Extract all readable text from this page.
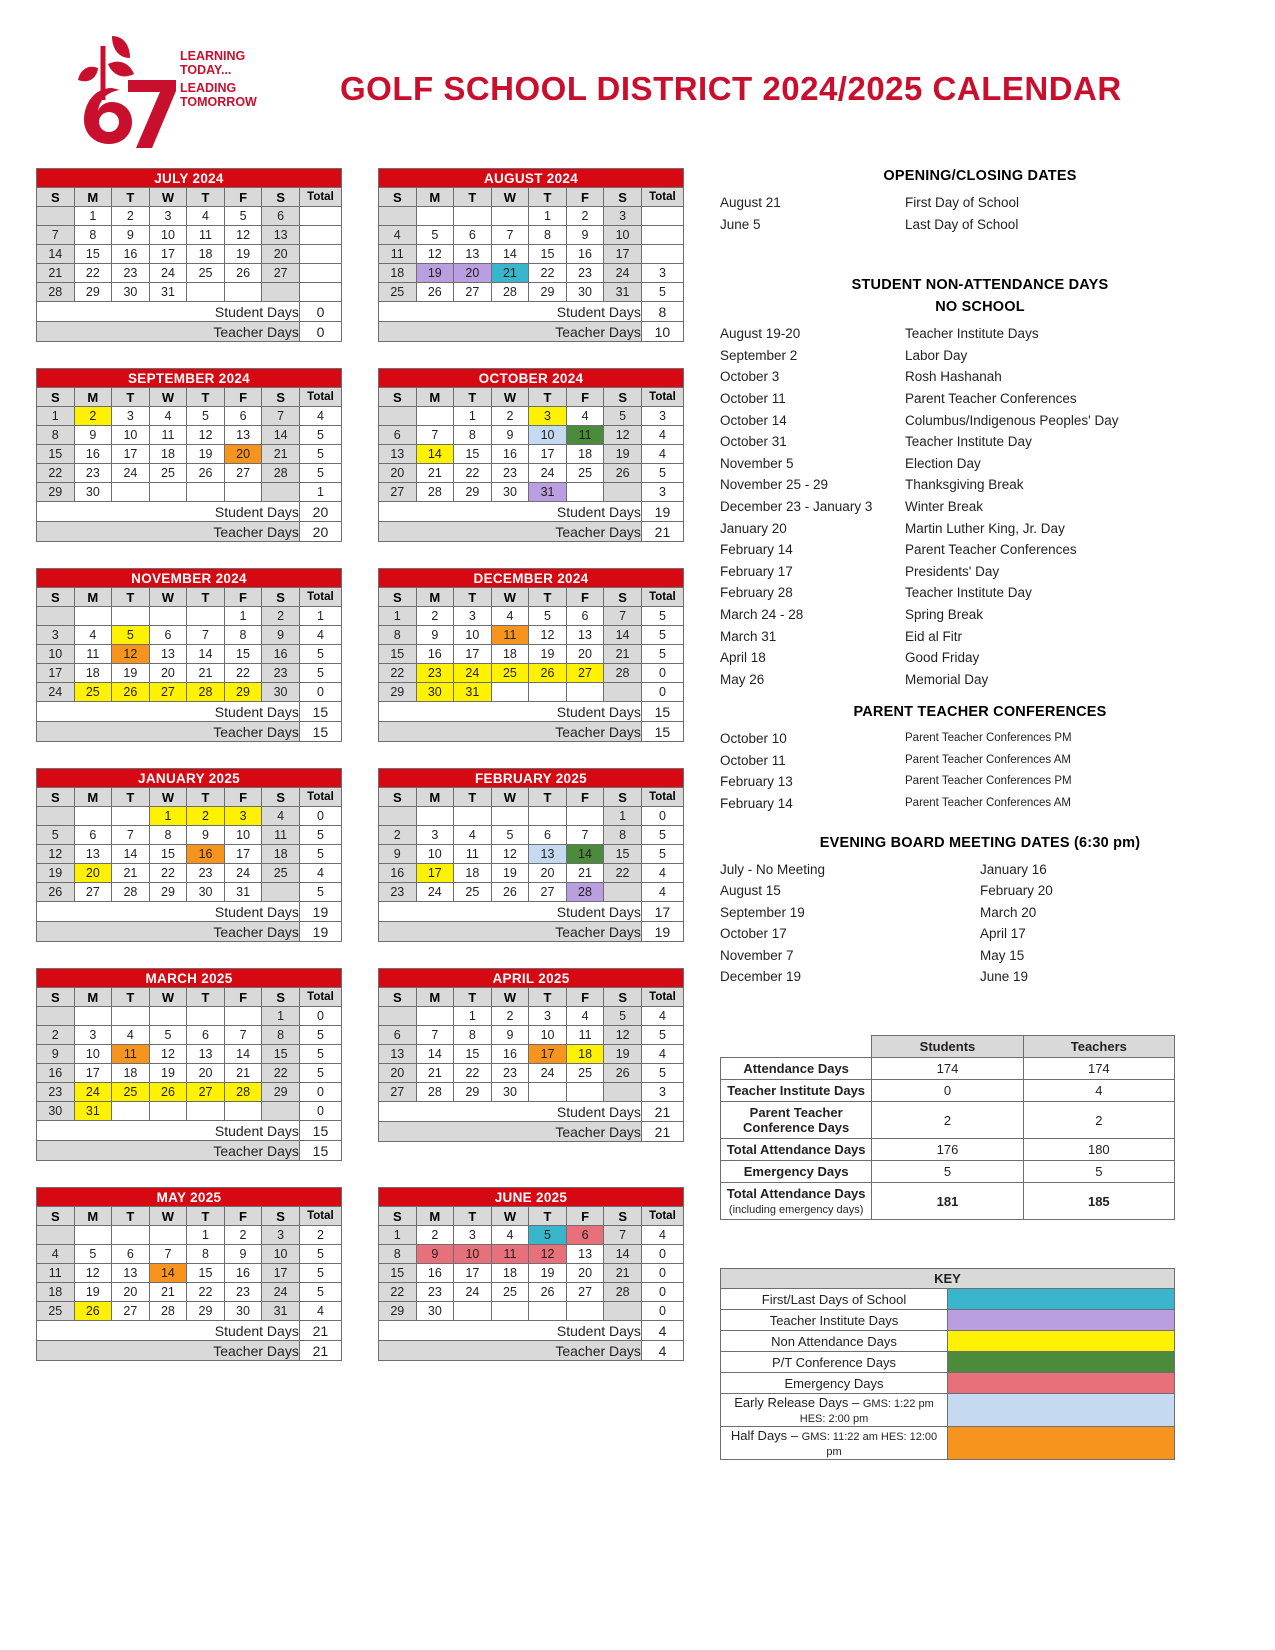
LEARNING
TODAY...
LEADING
TOMORROW	GOLF SCHOOL DISTRICT 2024/2025 CALENDAR
JULY 2024							
S	M	T	W	T	F	S	Total
	1	2	3	4	5	6	
7	8	9	10	11	12	13	
14	15	16	17	18	19	20	
21	22	23	24	25	26	27	
28	29	30	31				
Student Days							0
Teacher Days							0
AUGUST 2024							
S	M	T	W	T	F	S	Total
				1	2	3	
4	5	6	7	8	9	10	
11	12	13	14	15	16	17	
18	19	20	21	22	23	24	3
25	26	27	28	29	30	31	5
Student Days							8
Teacher Days							10
SEPTEMBER 2024							
S	M	T	W	T	F	S	Total
1	2	3	4	5	6	7	4
8	9	10	11	12	13	14	5
15	16	17	18	19	20	21	5
22	23	24	25	26	27	28	5
29	30						1
Student Days							20
Teacher Days							20
OCTOBER 2024							
S	M	T	W	T	F	S	Total
		1	2	3	4	5	3
6	7	8	9	10	11	12	4
13	14	15	16	17	18	19	4
20	21	22	23	24	25	26	5
27	28	29	30	31			3
Student Days							19
Teacher Days							21
NOVEMBER 2024							
S	M	T	W	T	F	S	Total
					1	2	1
3	4	5	6	7	8	9	4
10	11	12	13	14	15	16	5
17	18	19	20	21	22	23	5
24	25	26	27	28	29	30	0
Student Days							15
Teacher Days							15
DECEMBER 2024							
S	M	T	W	T	F	S	Total
1	2	3	4	5	6	7	5
8	9	10	11	12	13	14	5
15	16	17	18	19	20	21	5
22	23	24	25	26	27	28	0
29	30	31					0
Student Days							15
Teacher Days							15
JANUARY 2025							
S	M	T	W	T	F	S	Total
			1	2	3	4	0
5	6	7	8	9	10	11	5
12	13	14	15	16	17	18	5
19	20	21	22	23	24	25	4
26	27	28	29	30	31		5
Student Days							19
Teacher Days							19
FEBRUARY 2025							
S	M	T	W	T	F	S	Total
						1	0
2	3	4	5	6	7	8	5
9	10	11	12	13	14	15	5
16	17	18	19	20	21	22	4
23	24	25	26	27	28		4
Student Days							17
Teacher Days							19
MARCH 2025							
S	M	T	W	T	F	S	Total
						1	0
2	3	4	5	6	7	8	5
9	10	11	12	13	14	15	5
16	17	18	19	20	21	22	5
23	24	25	26	27	28	29	0
30	31						0
Student Days							15
Teacher Days							15
APRIL 2025							
S	M	T	W	T	F	S	Total
		1	2	3	4	5	4
6	7	8	9	10	11	12	5
13	14	15	16	17	18	19	4
20	21	22	23	24	25	26	5
27	28	29	30				3
Student Days							21
Teacher Days							21
MAY 2025							
S	M	T	W	T	F	S	Total
				1	2	3	2
4	5	6	7	8	9	10	5
11	12	13	14	15	16	17	5
18	19	20	21	22	23	24	5
25	26	27	28	29	30	31	4
Student Days							21
Teacher Days							21
JUNE 2025							
S	M	T	W	T	F	S	Total
1	2	3	4	5	6	7	4
8	9	10	11	12	13	14	0
15	16	17	18	19	20	21	0
22	23	24	25	26	27	28	0
29	30						0
Student Days							4
Teacher Days							4
OPENING/CLOSING DATES
August 21	First Day of School
June 5	Last Day of School
STUDENT NON-ATTENDANCE DAYS
NO SCHOOL
August 19-20	Teacher Institute Days
September 2	Labor Day
October 3	Rosh Hashanah
October 11	Parent Teacher Conferences
October 14	Columbus/Indigenous Peoples' Day
October 31	Teacher Institute Day
November 5	Election Day
November 25 - 29	Thanksgiving Break
December 23 - January 3	Winter Break
January 20	Martin Luther King, Jr. Day
February 14	Parent Teacher Conferences
February 17	Presidents' Day
February 28	Teacher Institute Day
March 24 - 28	Spring Break
March 31	Eid al Fitr
April 18	Good Friday
May 26	Memorial Day
PARENT TEACHER CONFERENCES
October 10	Parent Teacher Conferences PM
October 11	Parent Teacher Conferences AM
February 13	Parent Teacher Conferences PM
February 14	Parent Teacher Conferences AM
EVENING BOARD MEETING DATES (6:30 pm)
July - No Meeting
August 15
September 19
October 17
November 7
December 19
January 16
February 20
March 20
April 17
May 15
June 19
	Students	Teachers
Attendance Days	174	174
Teacher Institute Days	0	4
Parent Teacher
Conference Days	2	2
Total Attendance Days	176	180
Emergency Days	5	5
Total Attendance Days
(including emergency days)	181	185
KEY	
First/Last Days of School	
Teacher Institute Days	
Non Attendance Days	
P/T Conference Days	
Emergency Days	
Early Release Days – GMS: 1:22 pm HES: 2:00 pm	
Half Days – GMS: 11:22 am HES: 12:00 pm	
